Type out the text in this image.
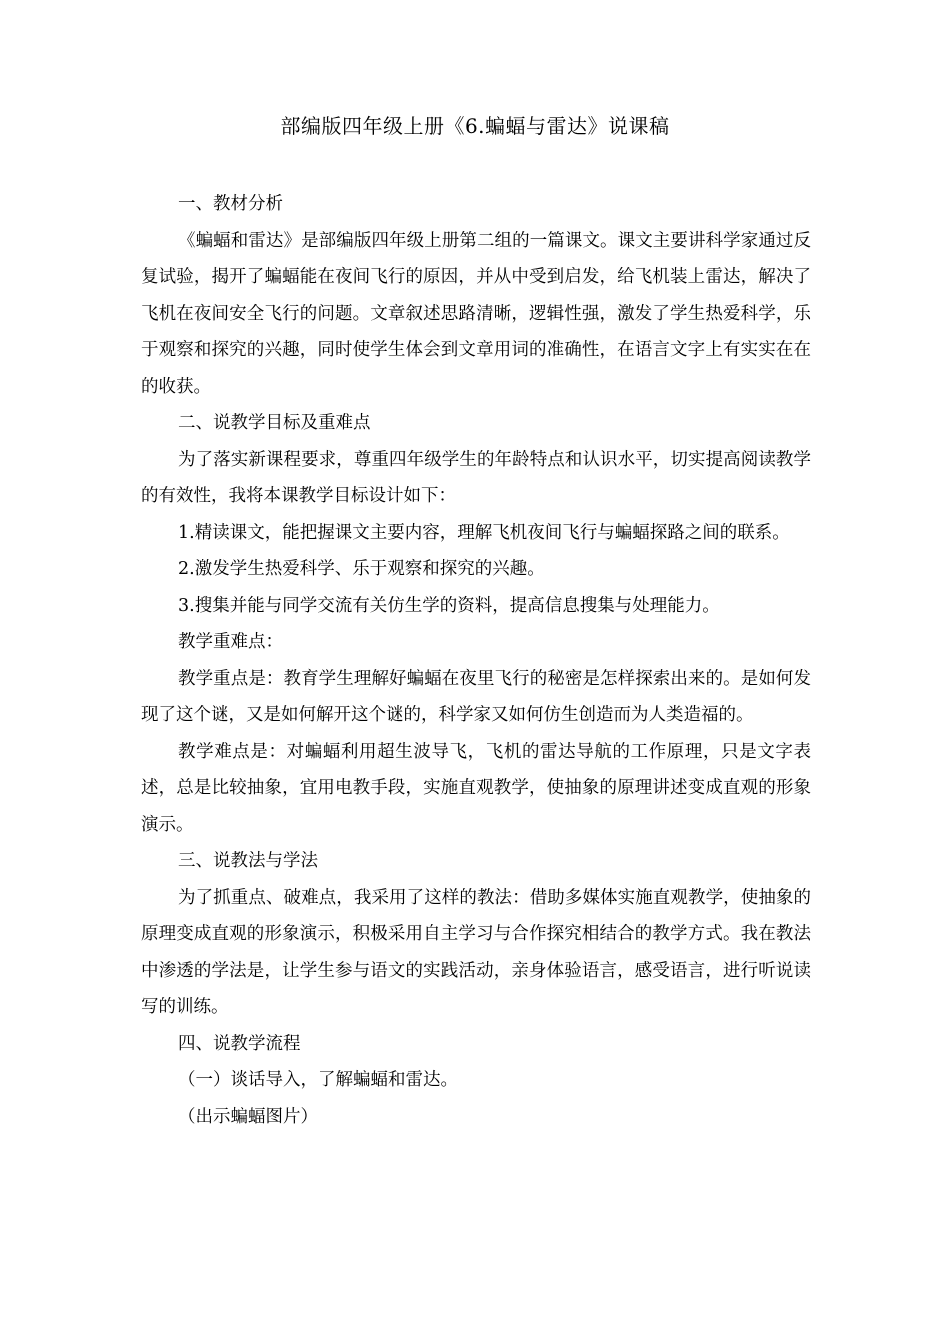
部编版四年级上册《6.蝙蝠与雷达》说课稿

一、教材分析

《蝙蝠和雷达》是部编版四年级上册第二组的一篇课文。课文主要讲科学家通过反复试验，揭开了蝙蝠能在夜间飞行的原因，并从中受到启发，给飞机装上雷达，解决了飞机在夜间安全飞行的问题。文章叙述思路清晰，逻辑性强，激发了学生热爱科学，乐于观察和探究的兴趣，同时使学生体会到文章用词的准确性，在语言文字上有实实在在的收获。

二、说教学目标及重难点

为了落实新课程要求，尊重四年级学生的年龄特点和认识水平，切实提高阅读教学的有效性，我将本课教学目标设计如下：

1.精读课文，能把握课文主要内容，理解飞机夜间飞行与蝙蝠探路之间的联系。

2.激发学生热爱科学、乐于观察和探究的兴趣。

3.搜集并能与同学交流有关仿生学的资料，提高信息搜集与处理能力。

教学重难点：

教学重点是：教育学生理解好蝙蝠在夜里飞行的秘密是怎样探索出来的。是如何发现了这个谜，又是如何解开这个谜的，科学家又如何仿生创造而为人类造福的。

教学难点是：对蝙蝠利用超生波导飞，飞机的雷达导航的工作原理，只是文字表述，总是比较抽象，宜用电教手段，实施直观教学，使抽象的原理讲述变成直观的形象演示。

三、说教法与学法

为了抓重点、破难点，我采用了这样的教法：借助多媒体实施直观教学，使抽象的原理变成直观的形象演示，积极采用自主学习与合作探究相结合的教学方式。我在教法中渗透的学法是，让学生参与语文的实践活动，亲身体验语言，感受语言，进行听说读写的训练。

四、说教学流程

（一）谈话导入，了解蝙蝠和雷达。

（出示蝙蝠图片）
